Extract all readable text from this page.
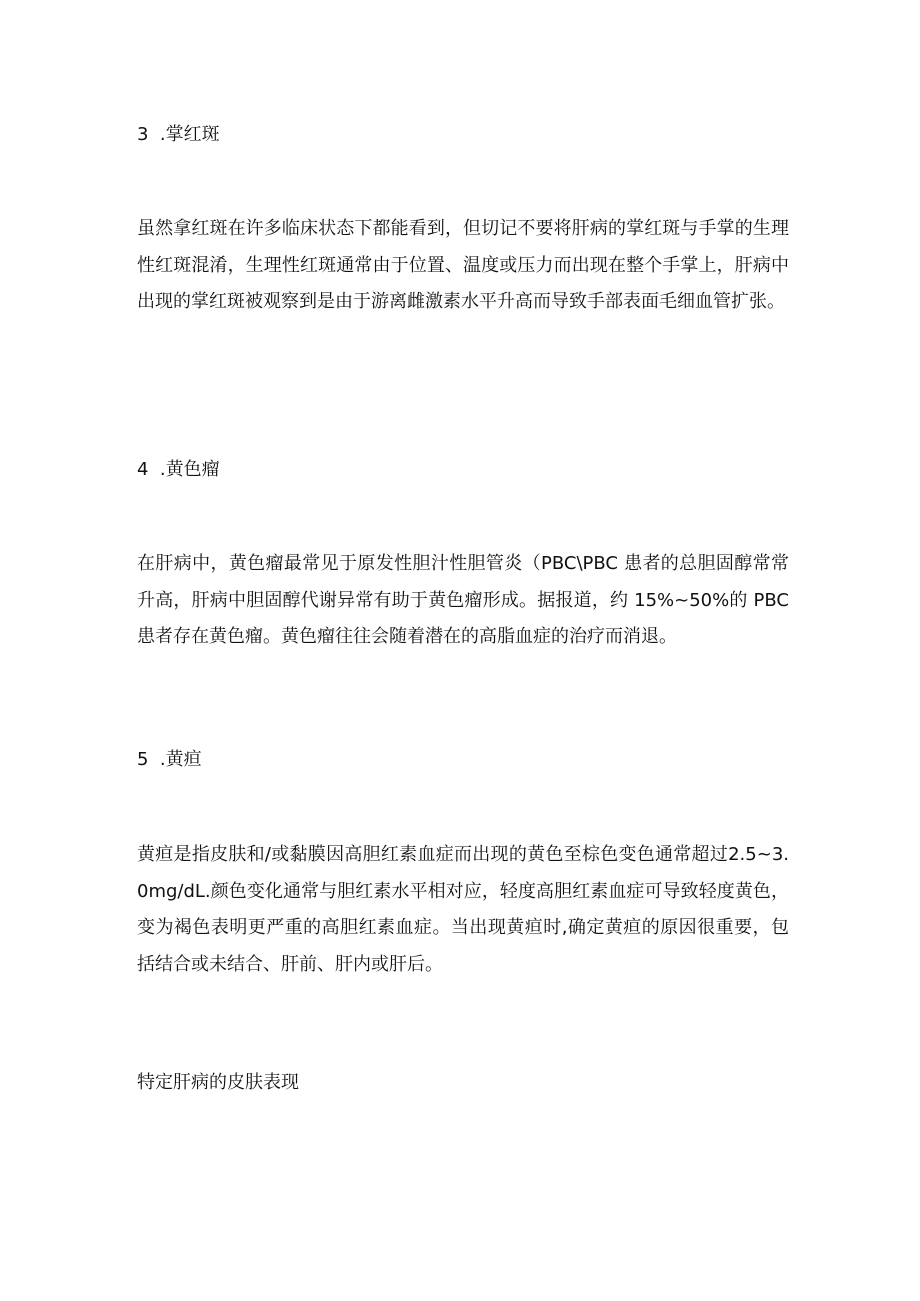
3  .掌红斑

虽然拿红斑在许多临床状态下都能看到，但切记不要将肝病的掌红斑与手掌的生理性红斑混淆，生理性红斑通常由于位置、温度或压力而出现在整个手掌上，肝病中出现的掌红斑被观察到是由于游离雌激素水平升高而导致手部表面毛细血管扩张。

4  .黄色瘤

在肝病中，黄色瘤最常见于原发性胆汁性胆管炎（PBC\PBC 患者的总胆固醇常常升高，肝病中胆固醇代谢异常有助于黄色瘤形成。据报道，约 15%~50%的 PBC 患者存在黄色瘤。黄色瘤往往会随着潜在的高脂血症的治疗而消退。

5  .黄疸

黄疸是指皮肤和/或黏膜因高胆红素血症而出现的黄色至棕色变色通常超过2.5~3.0mg∕dL.颜色变化通常与胆红素水平相对应，轻度高胆红素血症可导致轻度黄色，变为褐色表明更严重的高胆红素血症。当出现黄疸时,确定黄疸的原因很重要，包括结合或未结合、肝前、肝内或肝后。

特定肝病的皮肤表现
